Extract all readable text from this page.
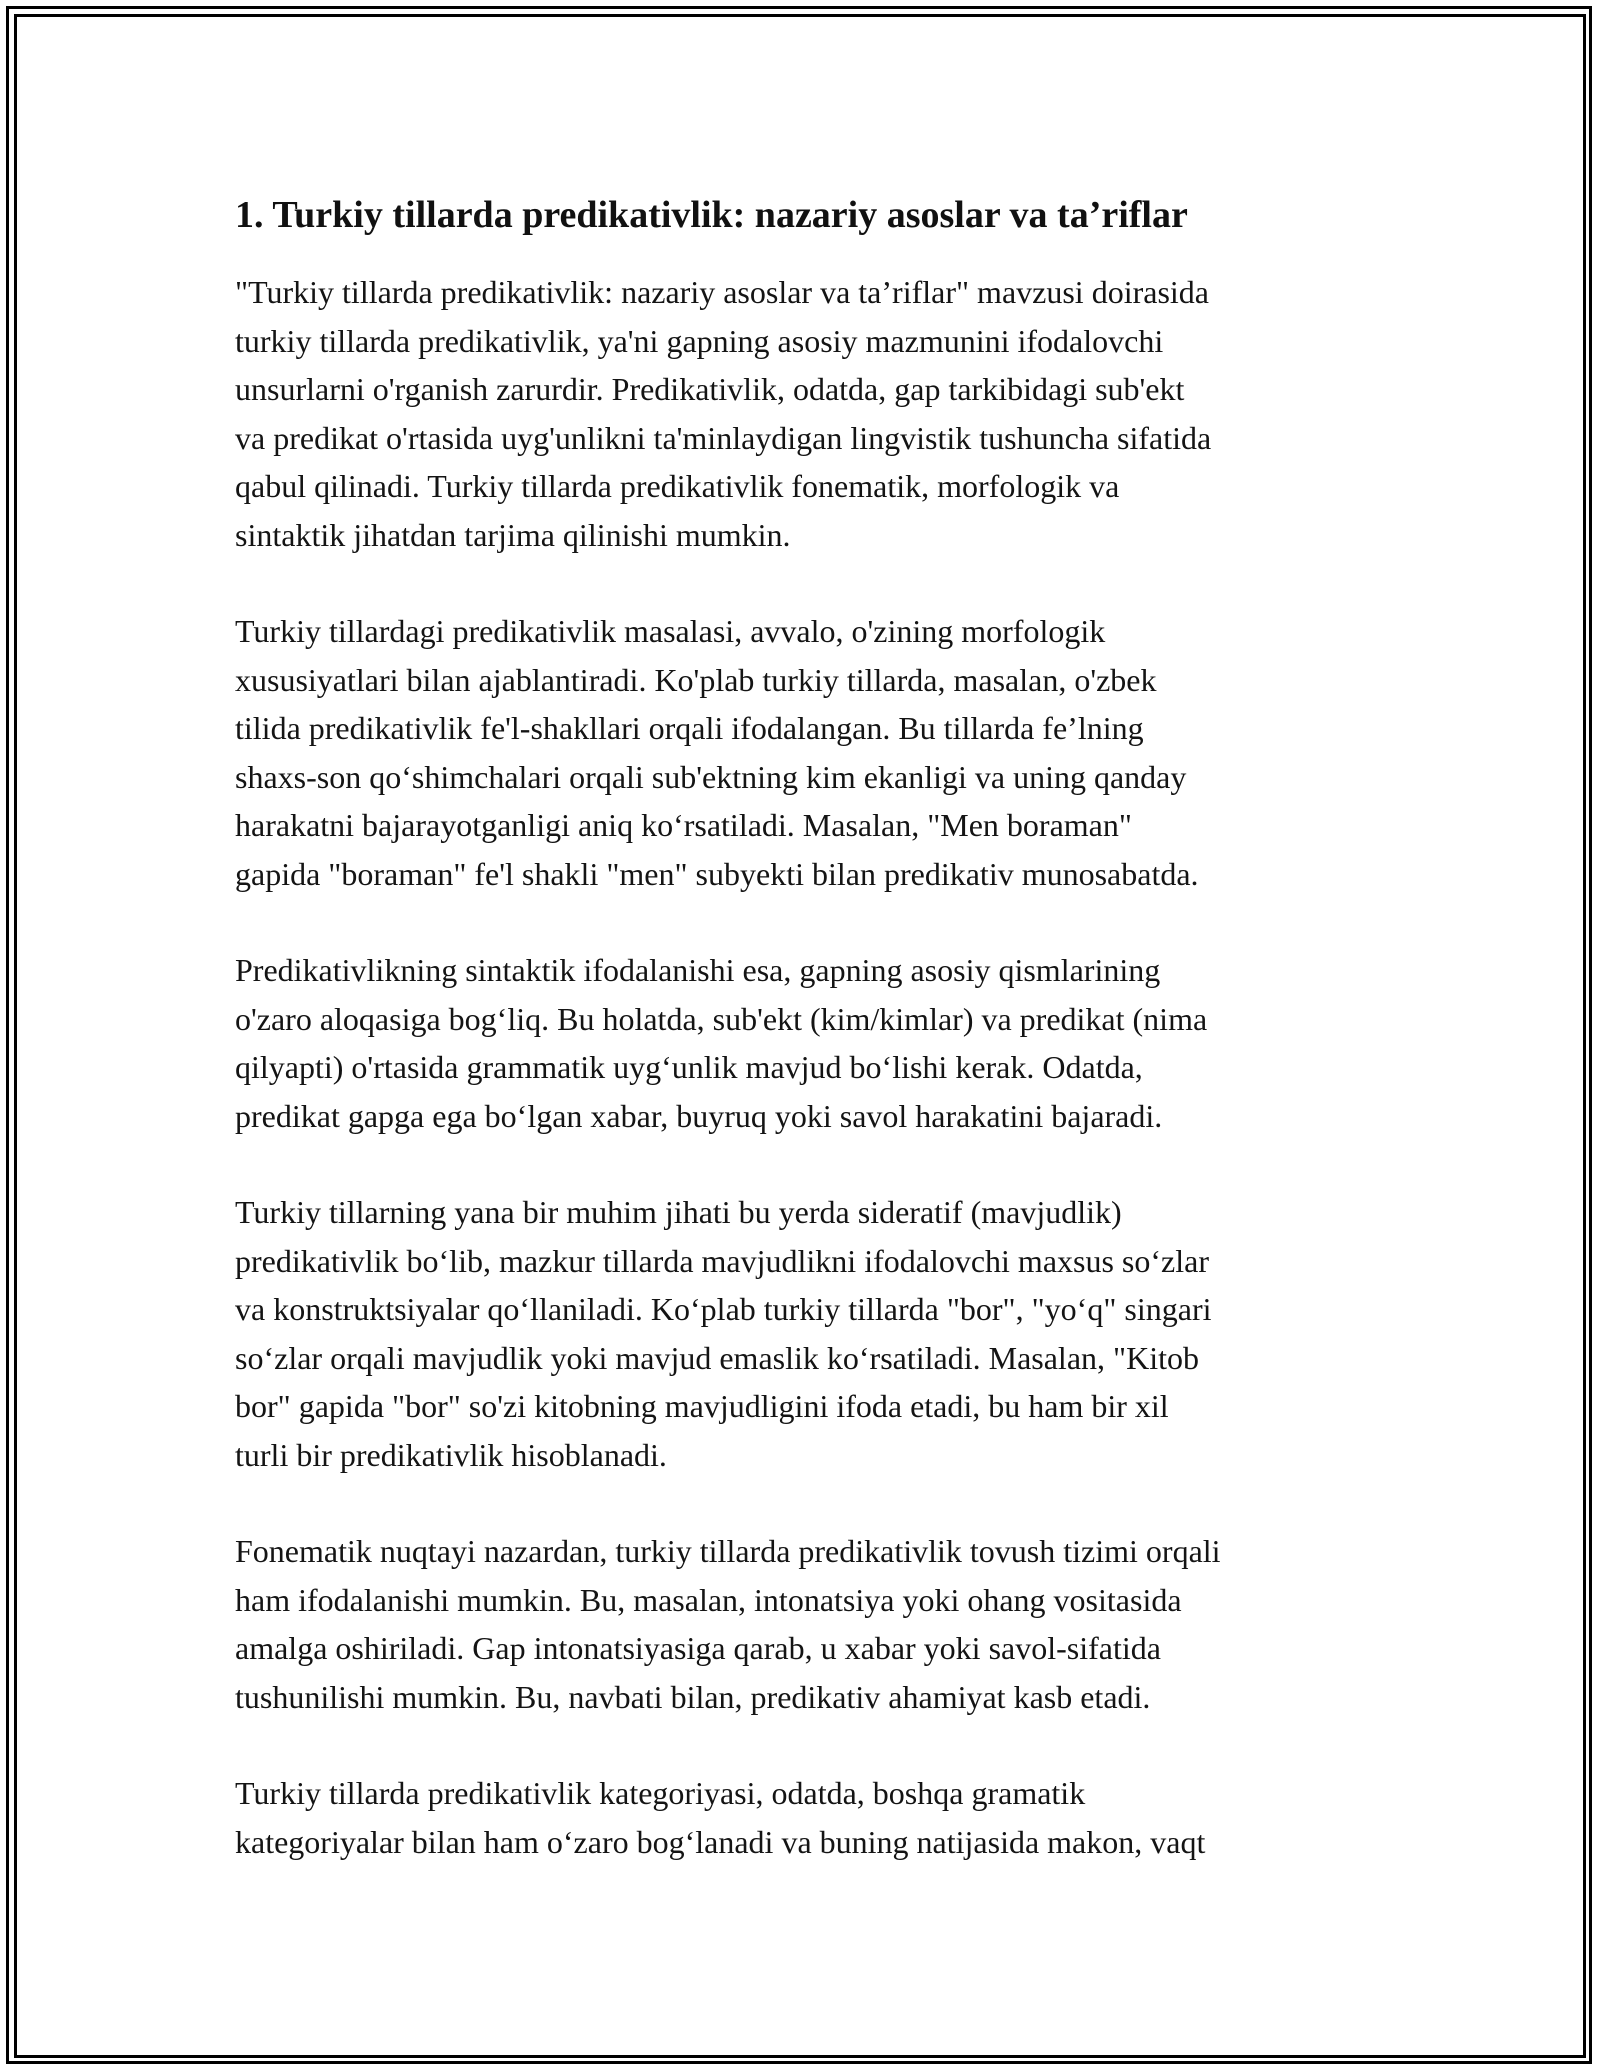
1. Turkiy tillarda predikativlik: nazariy asoslar va ta’riflar

"Turkiy tillarda predikativlik: nazariy asoslar va ta’riflar" mavzusi doirasida
turkiy tillarda predikativlik, ya'ni gapning asosiy mazmunini ifodalovchi
unsurlarni o'rganish zarurdir. Predikativlik, odatda, gap tarkibidagi sub'ekt
va predikat o'rtasida uyg'unlikni ta'minlaydigan lingvistik tushuncha sifatida
qabul qilinadi. Turkiy tillarda predikativlik fonematik, morfologik va
sintaktik jihatdan tarjima qilinishi mumkin.

Turkiy tillardagi predikativlik masalasi, avvalo, o'zining morfologik
xususiyatlari bilan ajablantiradi. Ko'plab turkiy tillarda, masalan, o'zbek
tilida predikativlik fe'l-shakllari orqali ifodalangan. Bu tillarda fe’lning
shaxs-son qo‘shimchalari orqali sub'ektning kim ekanligi va uning qanday
harakatni bajarayotganligi aniq ko‘rsatiladi. Masalan, "Men boraman"
gapida "boraman" fe'l shakli "men" subyekti bilan predikativ munosabatda.

Predikativlikning sintaktik ifodalanishi esa, gapning asosiy qismlarining
o'zaro aloqasiga bog‘liq. Bu holatda, sub'ekt (kim/kimlar) va predikat (nima
qilyapti) o'rtasida grammatik uyg‘unlik mavjud bo‘lishi kerak. Odatda,
predikat gapga ega bo‘lgan xabar, buyruq yoki savol harakatini bajaradi.

Turkiy tillarning yana bir muhim jihati bu yerda sideratif (mavjudlik)
predikativlik bo‘lib, mazkur tillarda mavjudlikni ifodalovchi maxsus so‘zlar
va konstruktsiyalar qo‘llaniladi. Ko‘plab turkiy tillarda "bor", "yo‘q" singari
so‘zlar orqali mavjudlik yoki mavjud emaslik ko‘rsatiladi. Masalan, "Kitob
bor" gapida "bor" so'zi kitobning mavjudligini ifoda etadi, bu ham bir xil
turli bir predikativlik hisoblanadi.

Fonematik nuqtayi nazardan, turkiy tillarda predikativlik tovush tizimi orqali
ham ifodalanishi mumkin. Bu, masalan, intonatsiya yoki ohang vositasida
amalga oshiriladi. Gap intonatsiyasiga qarab, u xabar yoki savol-sifatida
tushunilishi mumkin. Bu, navbati bilan, predikativ ahamiyat kasb etadi.

Turkiy tillarda predikativlik kategoriyasi, odatda, boshqa gramatik
kategoriyalar bilan ham o‘zaro bog‘lanadi va buning natijasida makon, vaqt
